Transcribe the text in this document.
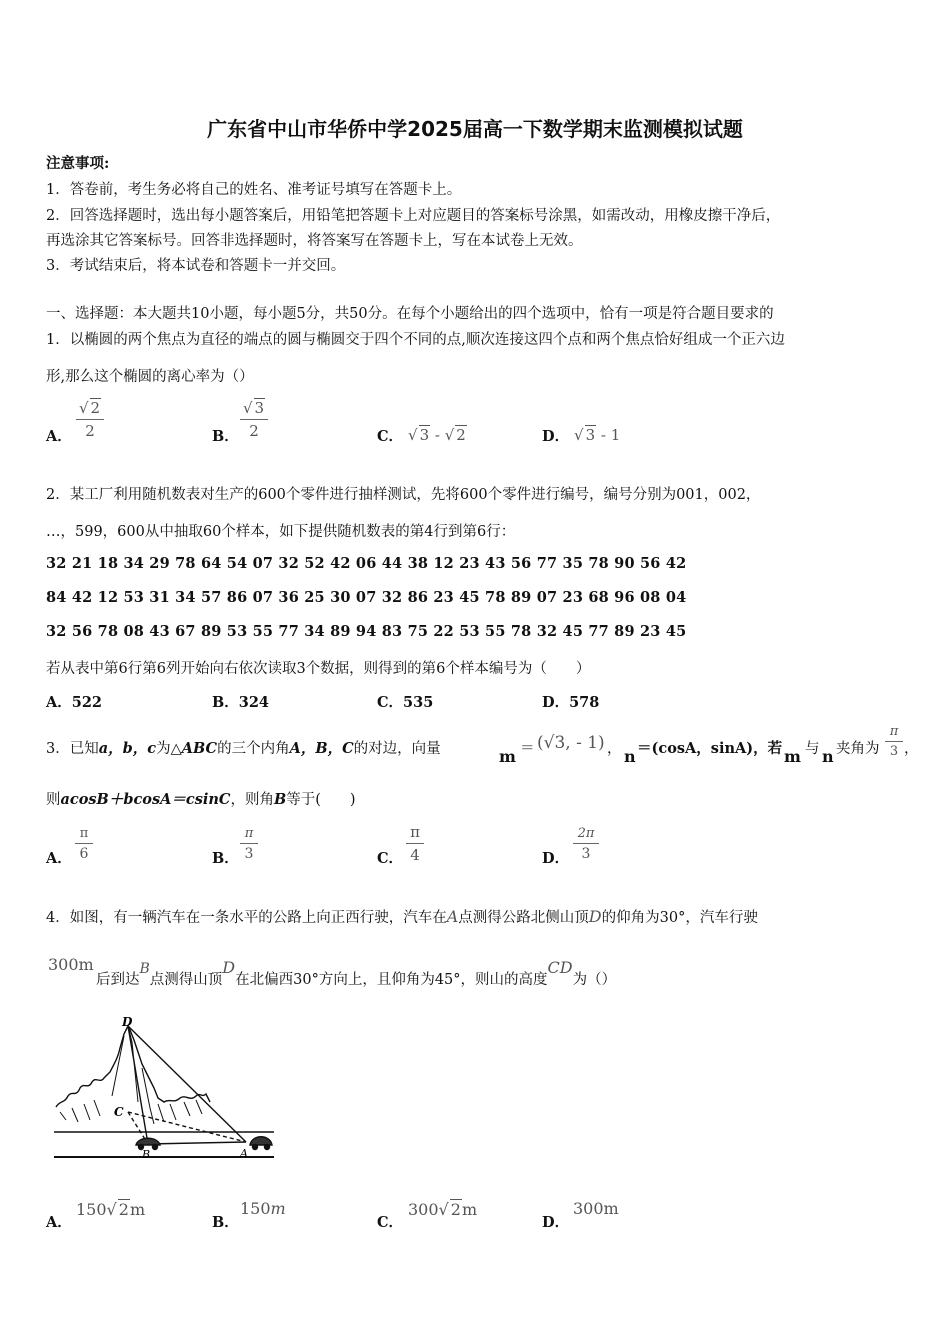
广东省中山市华侨中学2025届高一下数学期末监测模拟试题
注意事项:
1．答卷前，考生务必将自己的姓名、准考证号填写在答题卡上。
2．回答选择题时，选出每小题答案后，用铅笔把答题卡上对应题目的答案标号涂黑，如需改动，用橡皮擦干净后，
再选涂其它答案标号。回答非选择题时，将答案写在答题卡上，写在本试卷上无效。
3．考试结束后，将本试卷和答题卡一并交回。
一、选择题：本大题共10小题，每小题5分，共50分。在每个小题给出的四个选项中，恰有一项是符合题目要求的
1．以椭圆的两个焦点为直径的端点的圆与椭圆交于四个不同的点,顺次连接这四个点和两个焦点恰好组成一个正六边
形,那么这个椭圆的离心率为（）
A．
√ 2
2	B．
√ 3
2	C． √ 3 - √ 2	D． √ 3 - 1
2．某工厂利用随机数表对生产的600个零件进行抽样测试，先将600个零件进行编号，编号分别为001，002，
…，599，600从中抽取60个样本，如下提供随机数表的第4行到第6行：
32 21 18 34 29 78 64 54 07 32 52 42 06 44 38 12 23 43 56 77 35 78 90 56 42
84 42 12 53 31 34 57 86 07 36 25 30 07 32 86 23 45 78 89 07 23 68 96 08 04
32 56 78 08 43 67 89 53 55 77 34 89 94 83 75 22 53 55 78 32 45 77 89 23 45
若从表中第6行第6列开始向右依次读取3个数据，则得到的第6个样本编号为（　　）
A．522	B．324	C．535	D．578
3．已知a，b，c为△ABC的三个内角A，B，C的对边，向量	m ＝ (√3, - 1) ， n ＝(cosA，sinA)，若 m 与 n 夹角为
π
3 ，
则acosB＋bcosA＝csinC，则角B等于(　　)
A．
π
6	B．
π
3	C．
π
4	D．
2π
3
4．如图，有一辆汽车在一条水平的公路上向正西行驶，汽车在A点测得公路北侧山顶D的仰角为30°，汽车行驶
300m
后到达B点测得山顶D在北偏西30°方向上，且仰角为45°，则山的高度CD为（）
D
C
B	A
A．
150√ 2m
B．
150m
C．
300√ 2m
D．
300m
